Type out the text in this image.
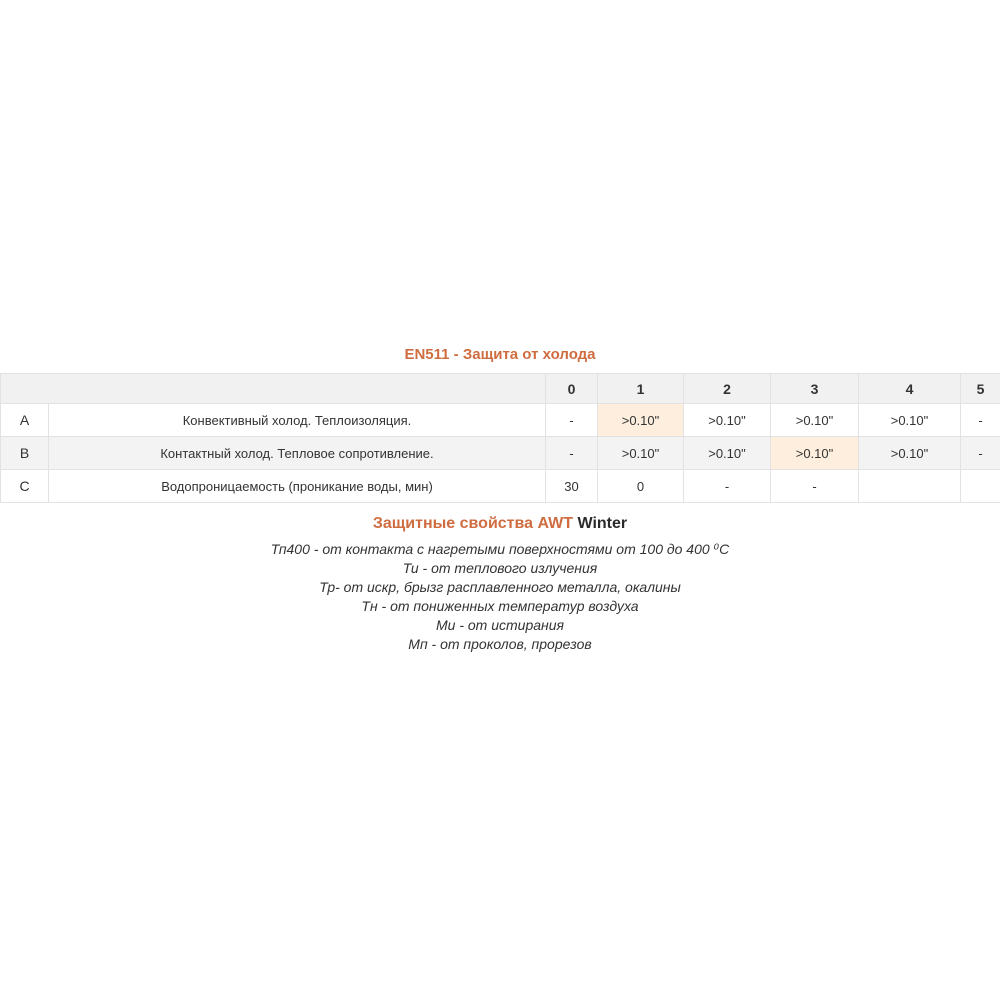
EN511 - Защита от холода
		0	1	2	3	4	5
A	Конвективный холод. Теплоизоляция.	-	>0.10"	>0.10"	>0.10"	>0.10"	-
B	Контактный холод. Тепловое сопротивление.	-	>0.10"	>0.10"	>0.10"	>0.10"	-
C	Водопроницаемость (проникание воды, мин)	30	0	-	-		
Защитные свойства AWT Winter
Тп400 - от контакта с нагретыми поверхностями от 100 до 400 ⁰С
Ти - от теплового излучения
Тр- от искр, брызг расплавленного металла, окалины
Тн - от пониженных температур воздуха
Ми - от истирания
Мп - от проколов, прорезов
